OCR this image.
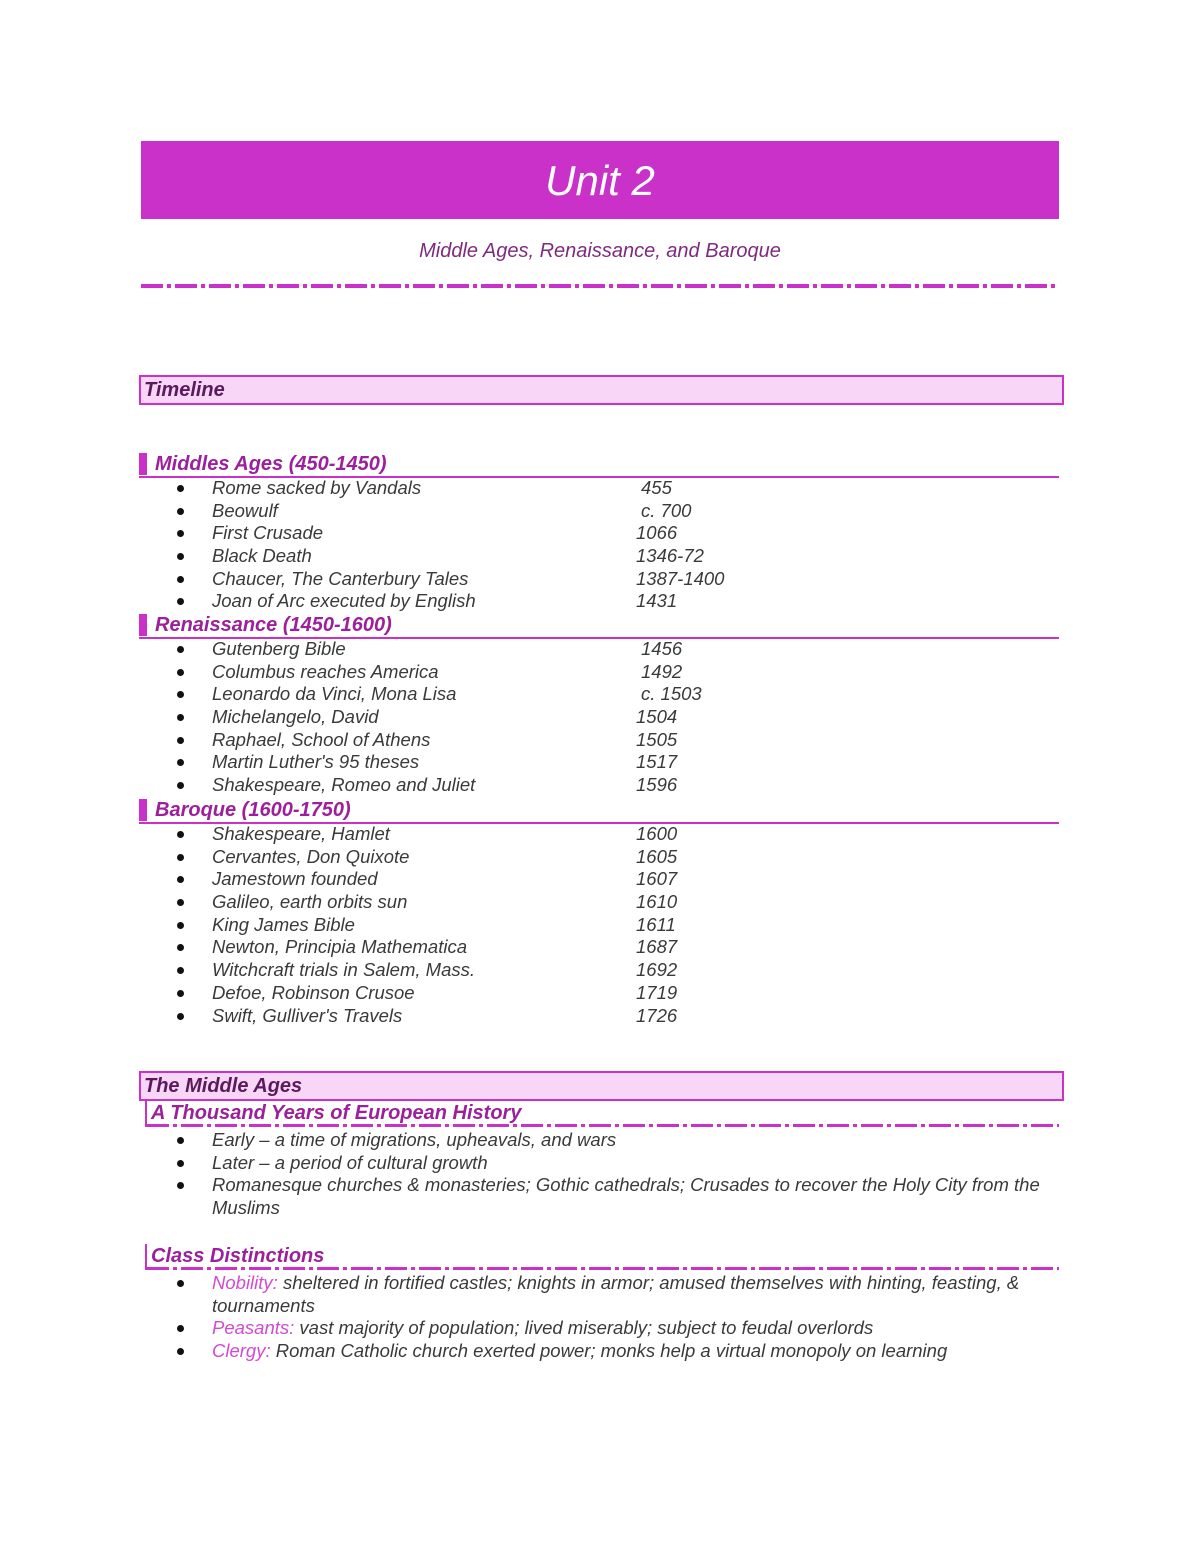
Unit 2
Middle Ages, Renaissance, and Baroque
Timeline
Middles Ages (450-1450)
Rome sacked by Vandals	455
Beowulf	c. 700
First Crusade	1066
Black Death	1346-72
Chaucer, The Canterbury Tales	1387-1400
Joan of Arc executed by English	1431
Renaissance (1450-1600)
Gutenberg Bible	1456
Columbus reaches America	1492
Leonardo da Vinci, Mona Lisa	c. 1503
Michelangelo, David	1504
Raphael, School of Athens	1505
Martin Luther's 95 theses	1517
Shakespeare, Romeo and Juliet	1596
Baroque (1600-1750)
Shakespeare, Hamlet	1600
Cervantes, Don Quixote	1605
Jamestown founded	1607
Galileo, earth orbits sun	1610
King James Bible	1611
Newton, Principia Mathematica	1687
Witchcraft trials in Salem, Mass.	1692
Defoe, Robinson Crusoe	1719
Swift, Gulliver's Travels	1726
The Middle Ages
A Thousand Years of European History
Early – a time of migrations, upheavals, and wars
Later – a period of cultural growth
Romanesque churches & monasteries; Gothic cathedrals; Crusades to recover the Holy City from the Muslims
Class Distinctions
Nobility: sheltered in fortified castles; knights in armor; amused themselves with hinting, feasting, & tournaments
Peasants: vast majority of population; lived miserably; subject to feudal overlords
Clergy: Roman Catholic church exerted power; monks help a virtual monopoly on learning
